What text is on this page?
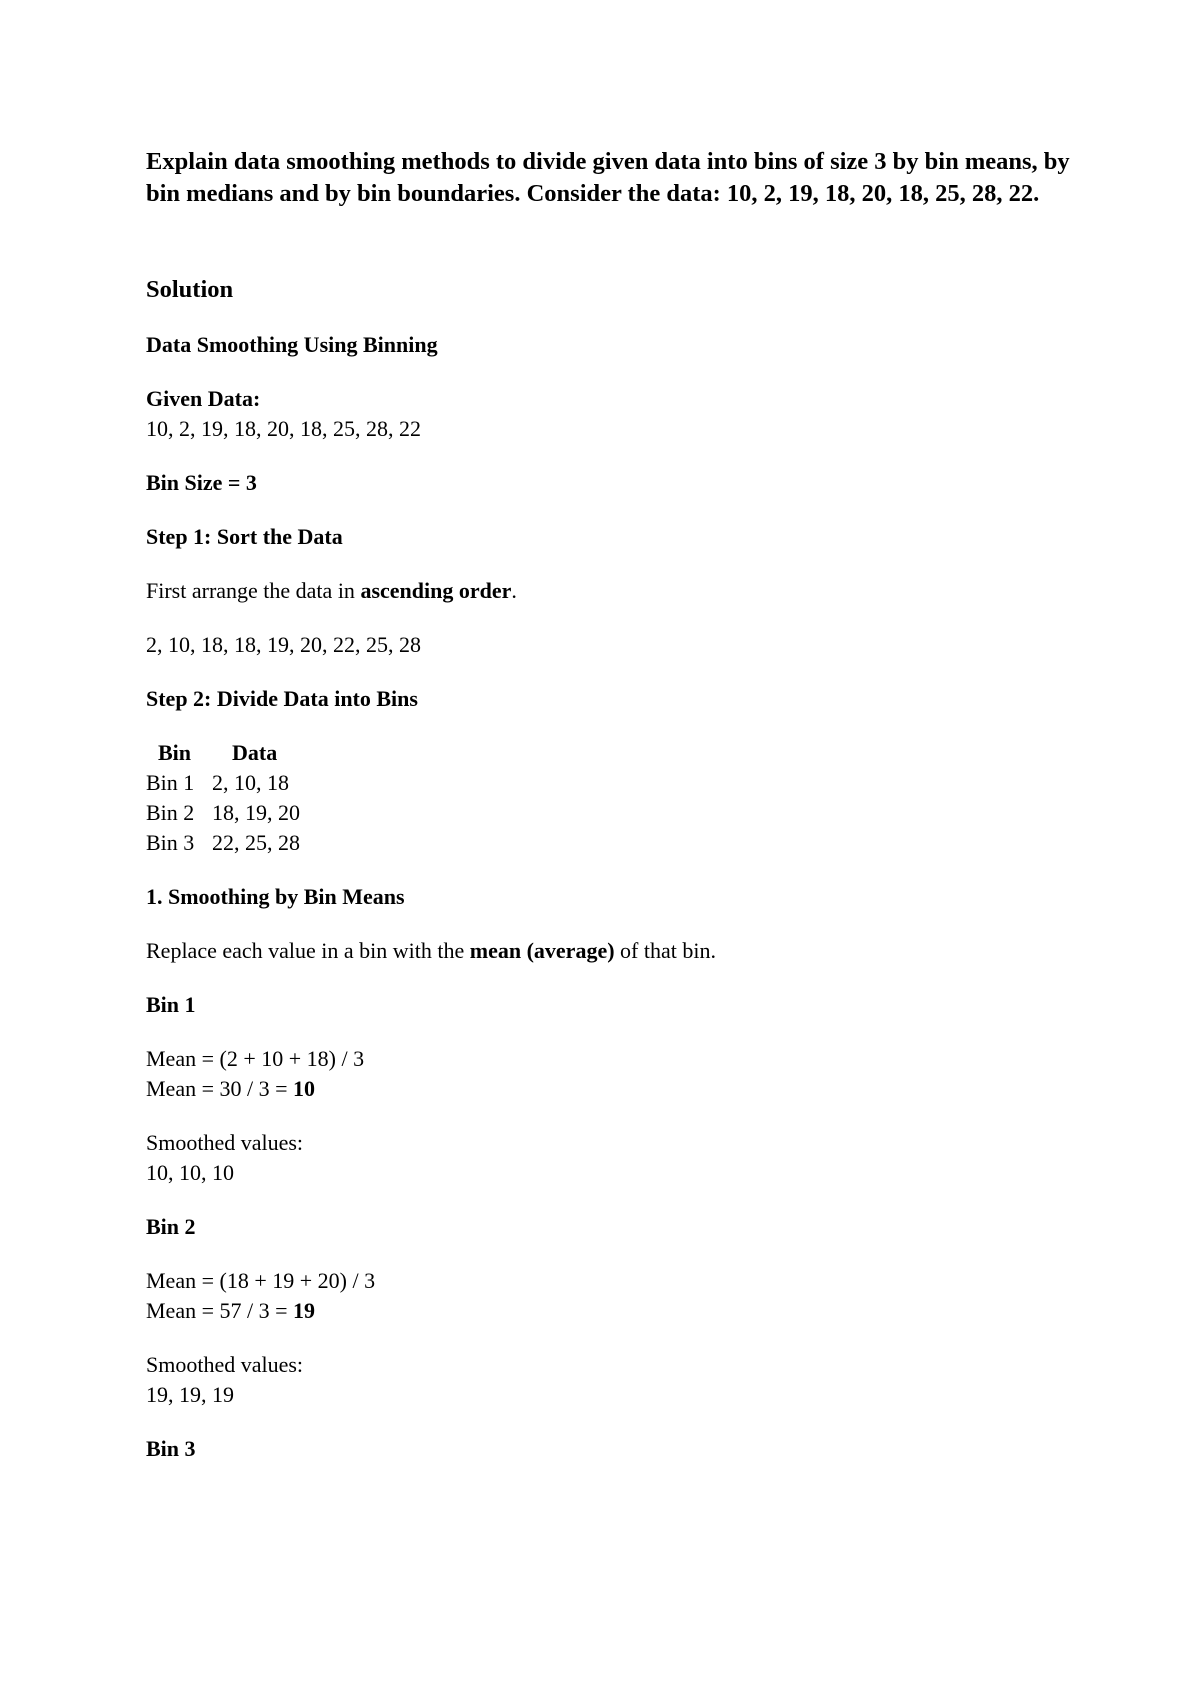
Explain data smoothing methods to divide given data into bins of size 3 by bin means, by bin medians and by bin boundaries. Consider the data: 10, 2, 19, 18, 20, 18, 25, 28, 22.

Solution

Data Smoothing Using Binning

Given Data:

10, 2, 19, 18, 20, 18, 25, 28, 22

Bin Size = 3

Step 1: Sort the Data

First arrange the data in ascending order.

2, 10, 18, 18, 19, 20, 22, 25, 28

Step 2: Divide Data into Bins

Bin	Data
Bin 1	2, 10, 18
Bin 2	18, 19, 20
Bin 3	22, 25, 28

1. Smoothing by Bin Means

Replace each value in a bin with the mean (average) of that bin.

Bin 1

Mean = (2 + 10 + 18) / 3

Mean = 30 / 3 = 10

Smoothed values:

10, 10, 10

Bin 2

Mean = (18 + 19 + 20) / 3

Mean = 57 / 3 = 19

Smoothed values:

19, 19, 19

Bin 3
